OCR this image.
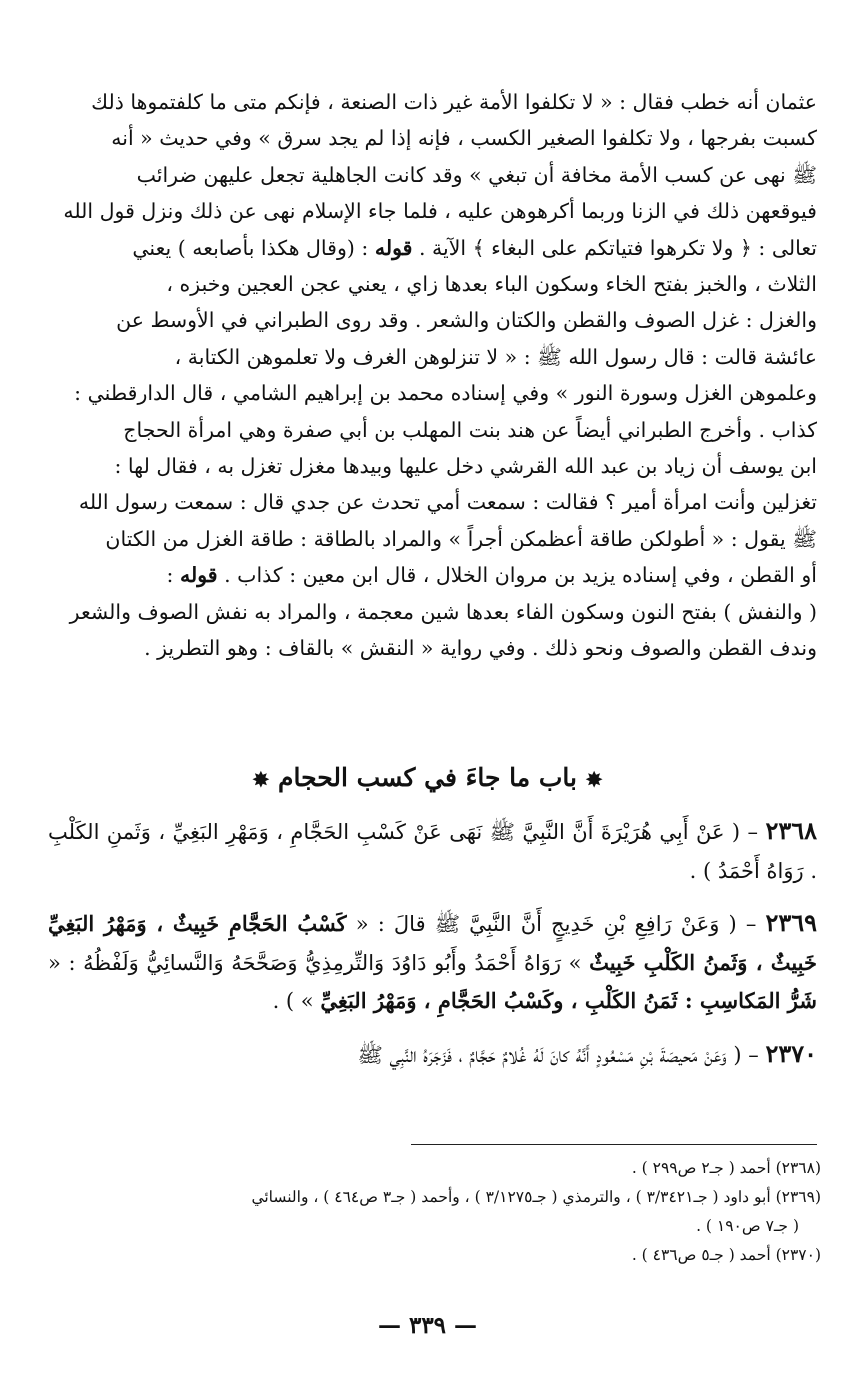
عثمان أنه خطب فقال : « لا تكلفوا الأمة غير ذات الصنعة ، فإنكم متى ما كلفتموها ذلك

كسبت بفرجها ، ولا تكلفوا الصغير الكسب ، فإنه إذا لم يجد سرق » وفي حديث « أنه

ﷺ نهى عن كسب الأمة مخافة أن تبغي » وقد كانت الجاهلية تجعل عليهن ضرائب

فيوقعهن ذلك في الزنا وربما أكرهوهن عليه ، فلما جاء الإسلام نهى عن ذلك ونزل قول الله

تعالى : ﴿ ولا تكرهوا فتياتكم على البغاء ﴾ الآية . قوله : (وقال هكذا بأصابعه ) يعني

الثلاث ، والخبز بفتح الخاء وسكون الباء بعدها زاي ، يعني عجن العجين وخبزه ،

والغزل : غزل الصوف والقطن والكتان والشعر . وقد روى الطبراني في الأوسط عن

عائشة قالت : قال رسول الله ﷺ : « لا تنزلوهن الغرف ولا تعلموهن الكتابة ،

وعلموهن الغزل وسورة النور » وفي إسناده محمد بن إبراهيم الشامي ، قال الدارقطني :

كذاب . وأخرج الطبراني أيضاً عن هند بنت المهلب بن أبي صفرة وهي امرأة الحجاج

ابن يوسف أن زياد بن عبد الله القرشي دخل عليها وبيدها مغزل تغزل به ، فقال لها :

تغزلين وأنت امرأة أمير ؟ فقالت : سمعت أمي تحدث عن جدي قال : سمعت رسول الله

ﷺ يقول : « أطولكن طاقة أعظمكن أجراً » والمراد بالطاقة : طاقة الغزل من الكتان

أو القطن ، وفي إسناده يزيد بن مروان الخلال ، قال ابن معين : كذاب . قوله :

( والنفش ) بفتح النون وسكون الفاء بعدها شين معجمة ، والمراد به نفش الصوف والشعر

وندف القطن والصوف ونحو ذلك . وفي رواية « النقش » بالقاف : وهو التطريز .

✸ باب ما جاءَ في كسب الحجام ✸

٢٣٦٨ – ( عَنْ أَبِي هُرَيْرَةَ أَنَّ النَّبِيَّ ﷺ نَهَى عَنْ كَسْبِ الحَجَّامِ ، وَمَهْرِ البَغِيِّ ، وَثَمنِ الكَلْبِ . رَوَاهُ أَحْمَدُ ) .

٢٣٦٩ – ( وَعَنْ رَافِعِ بْنِ خَدِيجٍ أَنَّ النَّبِيَّ ﷺ قالَ : « كَسْبُ الحَجَّامِ خَبِيثٌ ، وَمَهْرُ البَغِيِّ خَبِيثٌ ، وَثَمنُ الكَلْبِ خَبِيثٌ » رَوَاهُ أَحْمَدُ وأَبُو دَاوُدَ وَالتِّرمِذِيُّ وَصَحَّحَهُ وَالنَّسائِيُّ وَلَفْظُهُ : « شَرُّ المَكاسِبِ : ثَمَنُ الكَلْبِ ، وكَسْبُ الحَجَّامِ ، وَمَهْرُ البَغِيِّ » ) .

٢٣٧٠ – ( وَعَنْ مَحيصَةَ بْنِ مَسْعُودٍ أَنَّهُ كانَ لَهُ غُلامٌ حَجَّامٌ ، فَزَجَرَهُ النَّبِي ﷺ

(٢٣٦٨) أحمد ( جـ٢ ص٢٩٩ ) .

(٢٣٦٩) أبو داود ( جـ٣/٣٤٢١ ) ، والترمذي ( جـ٣/١٢٧٥ ) ، وأحمد ( جـ٣ ص٤٦٤ ) ، والنسائي

( جـ٧ ص١٩٠ ) .

(٢٣٧٠) أحمد ( جـ٥ ص٤٣٦ ) .

— ٣٣٩ —
